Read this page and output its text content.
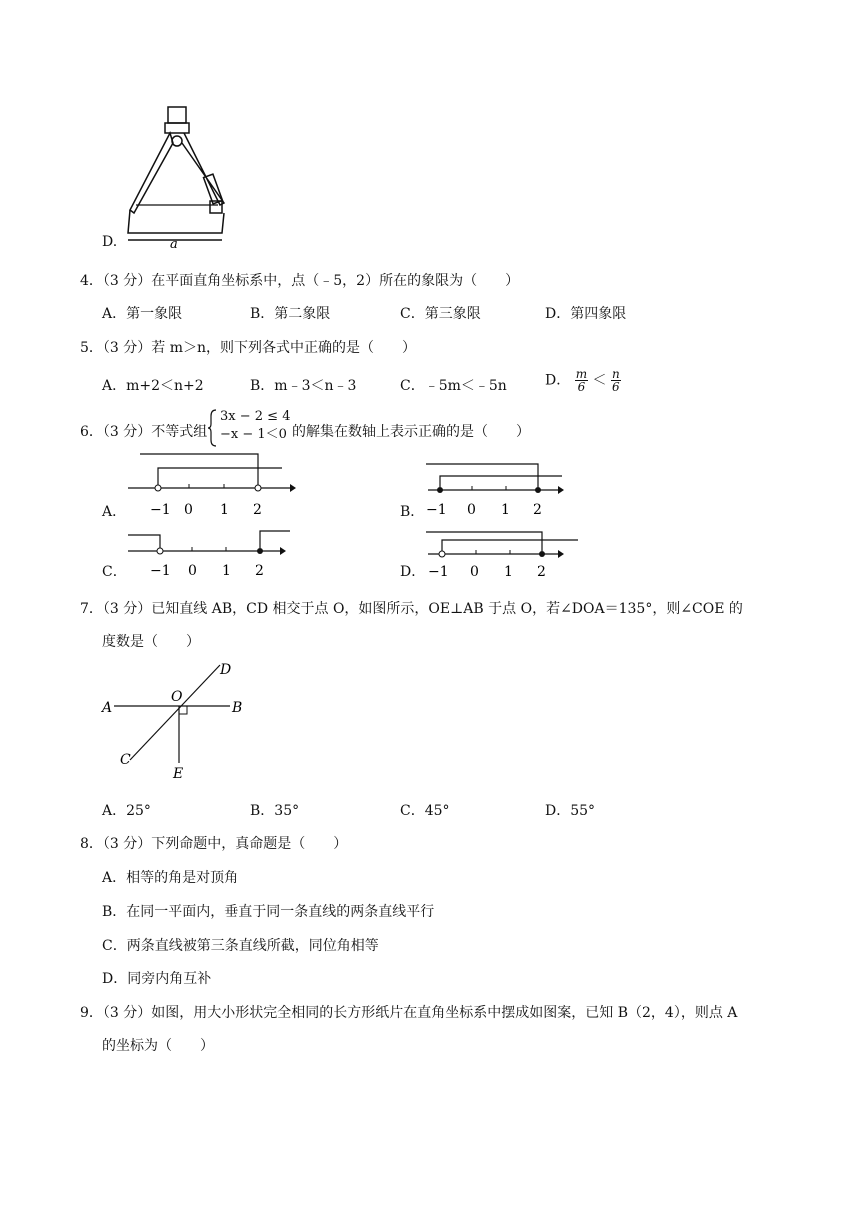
a
D.
4．（3 分）在平面直角坐标系中，点（﹣5，2）所在的象限为（　　）
A．第一象限	B．第二象限	C．第三象限	D．第四象限
5．（3 分）若 m＞n，则下列各式中正确的是（　　）
A．m+2＜n+2	B．m﹣3＜n﹣3	C．﹣5m＜﹣5n	D． $\frac{m}{6} < \frac{n}{6}$
6．（3 分）不等式组
3x − 2 ≤ 4
−x − 1＜0 的解集在数轴上表示正确的是（　　）
A． −1 0 1 2	B． −1 0 1 2
C． −1 0 1 2	D． −1 0 1 2
7．（3 分）已知直线 AB，CD 相交于点 O，如图所示，OE⊥AB 于点 O，若∠DOA＝135°，则∠COE 的
度数是（　　）
A	B
C
D
E
O
A．25°	B．35°	C．45°	D．55°
8．（3 分）下列命题中，真命题是（　　）
A．相等的角是对顶角
B．在同一平面内，垂直于同一条直线的两条直线平行
C．两条直线被第三条直线所截，同位角相等
D．同旁内角互补
9．（3 分）如图，用大小形状完全相同的长方形纸片在直角坐标系中摆成如图案，已知 B（2，4），则点 A
的坐标为（　　）
